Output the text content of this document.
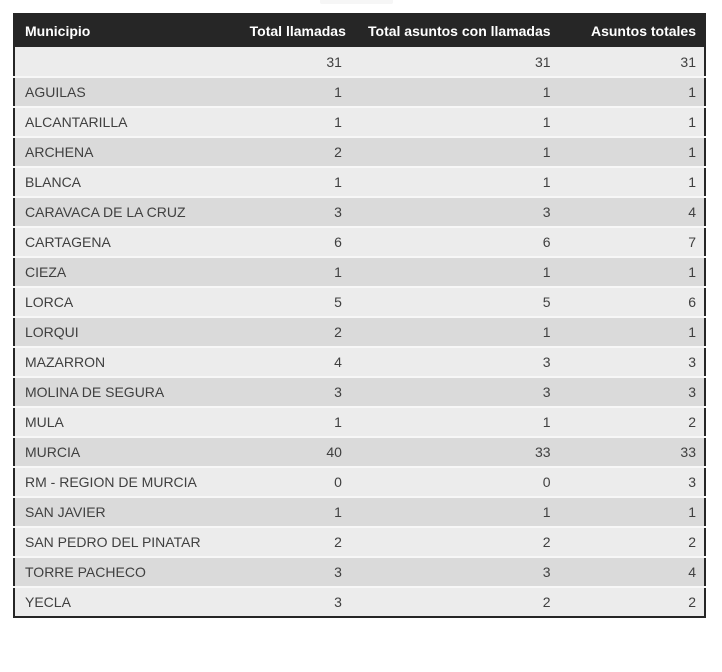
Municipio	Total llamadas	Total asuntos con llamadas	Asuntos totales
	31	31	31
AGUILAS	1	1	1
ALCANTARILLA	1	1	1
ARCHENA	2	1	1
BLANCA	1	1	1
CARAVACA DE LA CRUZ	3	3	4
CARTAGENA	6	6	7
CIEZA	1	1	1
LORCA	5	5	6
LORQUI	2	1	1
MAZARRON	4	3	3
MOLINA DE SEGURA	3	3	3
MULA	1	1	2
MURCIA	40	33	33
RM - REGION DE MURCIA	0	0	3
SAN JAVIER	1	1	1
SAN PEDRO DEL PINATAR	2	2	2
TORRE PACHECO	3	3	4
YECLA	3	2	2
